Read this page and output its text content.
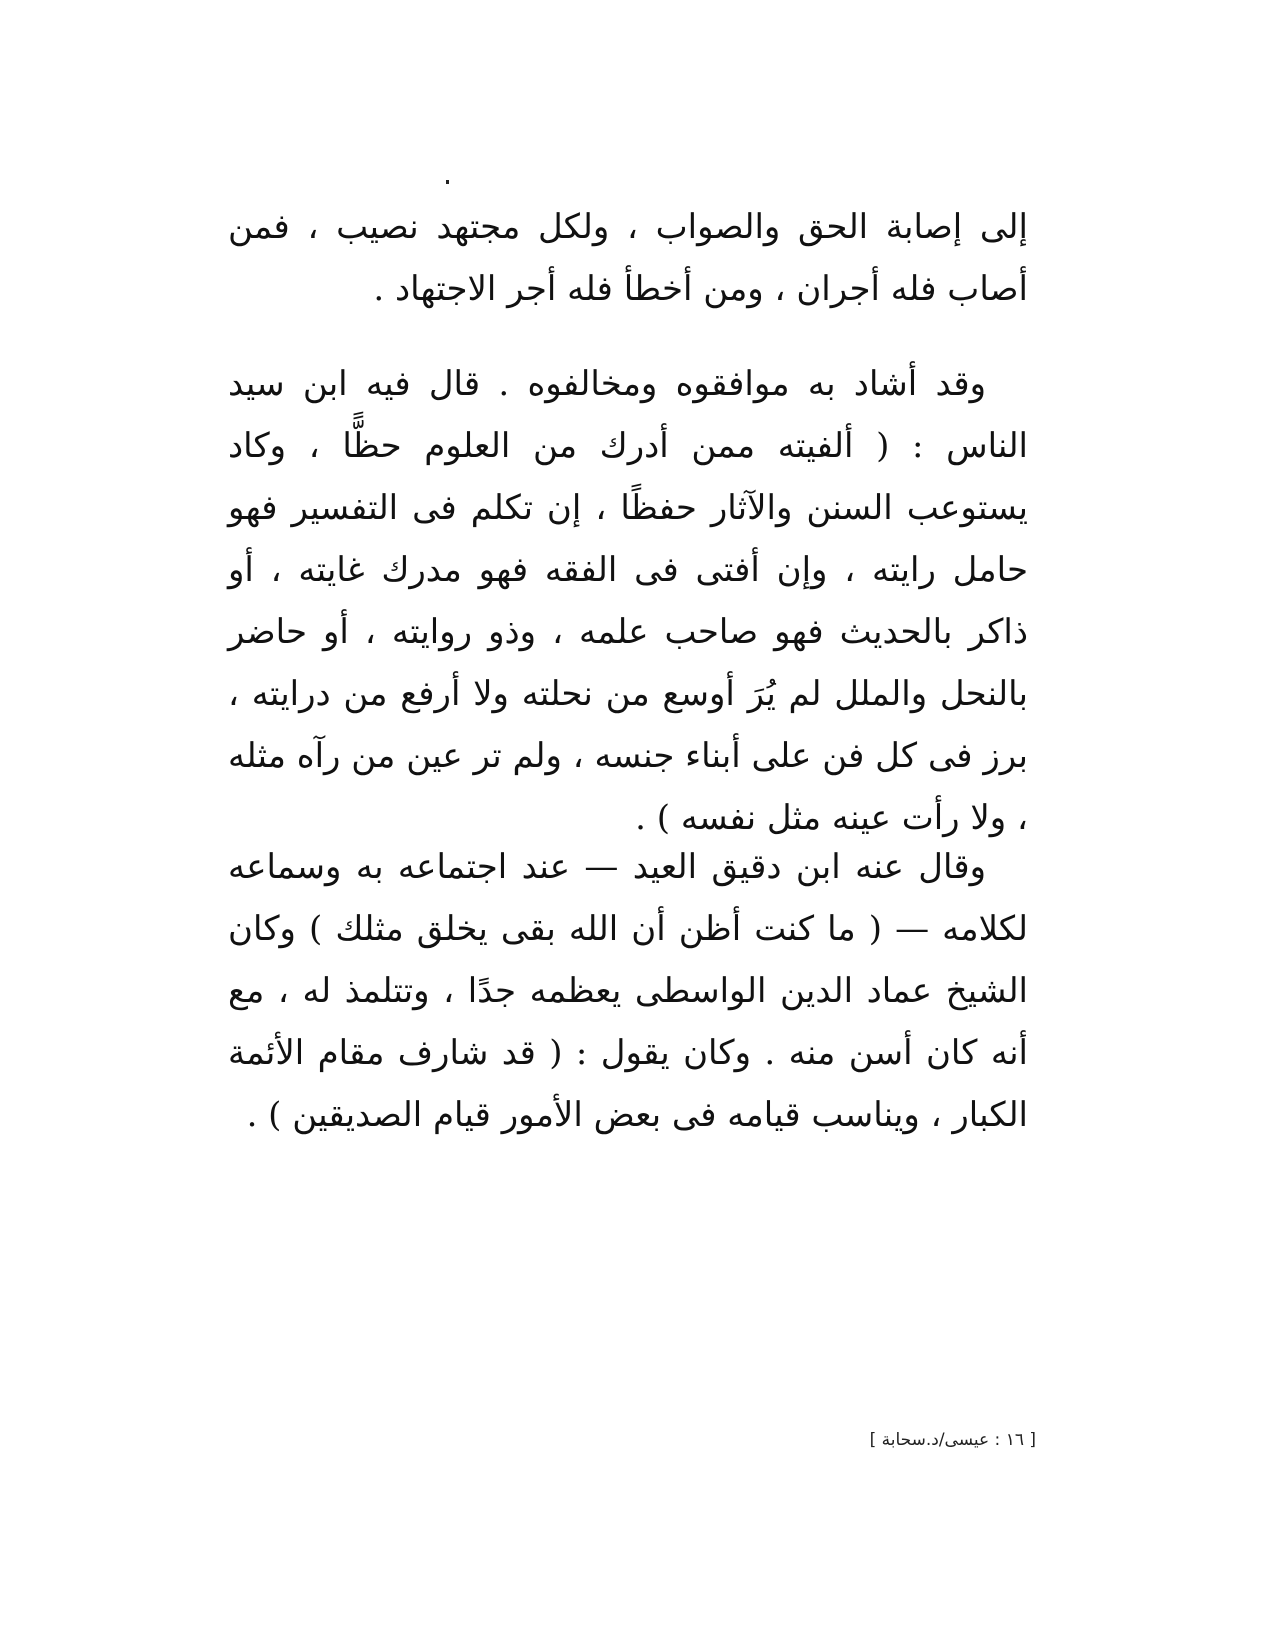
إلى إصابة الحق والصواب ، ولكل مجتهد نصيب ، فمن أصاب فله أجران ، ومن أخطأ فله أجر الاجتهاد .

وقد أشاد به موافقوه ومخالفوه . قال فيه ابن سيد الناس : ( ألفيته ممن أدرك من العلوم حظًّا ، وكاد يستوعب السنن والآثار حفظًا ، إن تكلم فى التفسير فهو حامل رايته ، وإن أفتى فى الفقه فهو مدرك غايته ، أو ذاكر بالحديث فهو صاحب علمه ، وذو روايته ، أو حاضر بالنحل والملل لم يُرَ أوسع من نحلته ولا أرفع من درايته ، برز فى كل فن على أبناء جنسه ، ولم تر عين من رآه مثله ، ولا رأت عينه مثل نفسه ) .

وقال عنه ابن دقيق العيد — عند اجتماعه به وسماعه لكلامه — ( ما كنت أظن أن الله بقى يخلق مثلك ) وكان الشيخ عماد الدين الواسطى يعظمه جدًا ، وتتلمذ له ، مع أنه كان أسن منه . وكان يقول : ( قد شارف مقام الأئمة الكبار ، ويناسب قيامه فى بعض الأمور قيام الصديقين ) .

[ ١٦ : عيسى/د.سحابة ]
